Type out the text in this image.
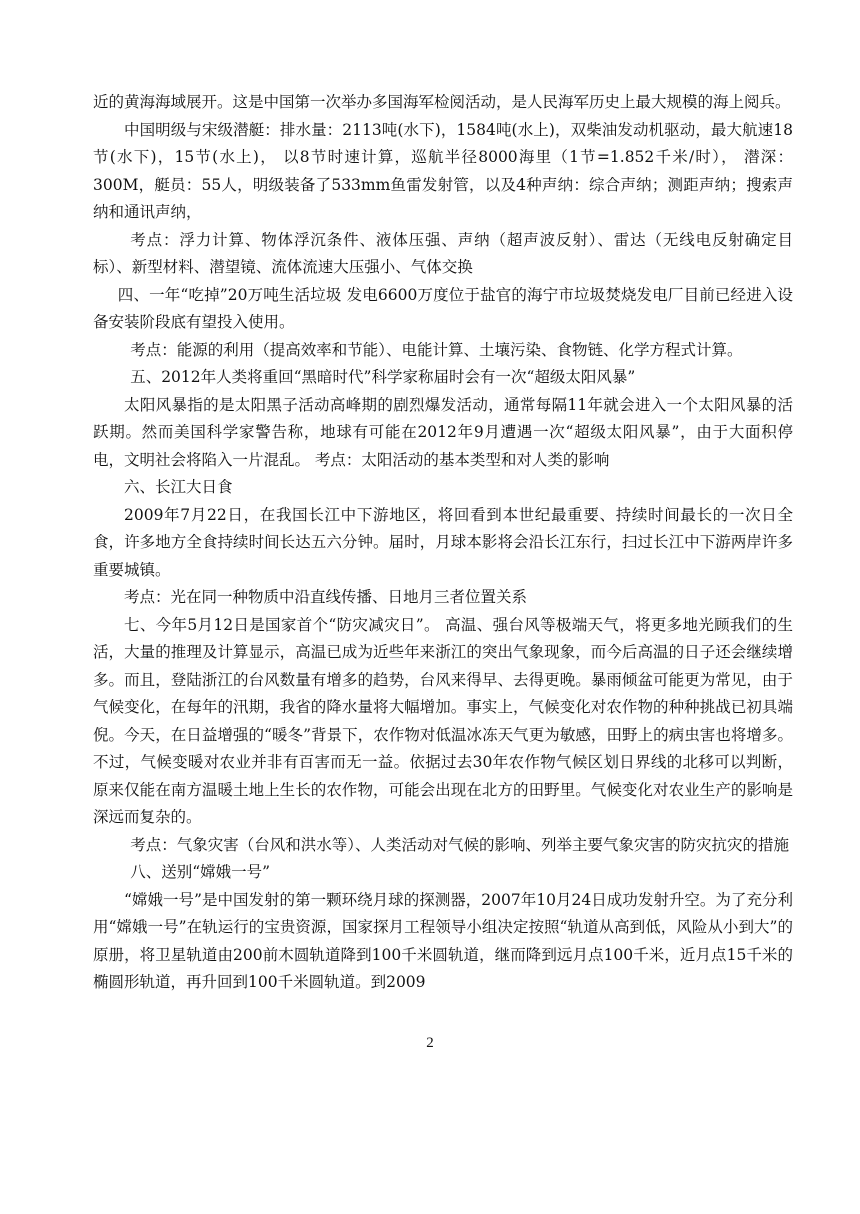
近的黄海海域展开。这是中国第一次举办多国海军检阅活动，是人民海军历史上最大规模的海上阅兵。

中国明级与宋级潜艇：排水量：2113吨(水下)，1584吨(水上)，双柴油发动机驱动，最大航速18节(水下)，15节(水上)， 以8节时速计算，巡航半径8000海里（1节=1.852千米/时）， 潜深：300M，艇员：55人，明级装备了533mm鱼雷发射管，以及4种声纳：综合声纳；测距声纳；搜索声纳和通讯声纳，

考点：浮力计算、物体浮沉条件、液体压强、声纳（超声波反射）、雷达（无线电反射确定目标）、新型材料、潜望镜、流体流速大压强小、气体交换

四、一年“吃掉”20万吨生活垃圾 发电6600万度位于盐官的海宁市垃圾焚烧发电厂目前已经进入设备安装阶段底有望投入使用。

考点：能源的利用（提高效率和节能）、电能计算、土壤污染、食物链、化学方程式计算。

五、2012年人类将重回“黑暗时代”科学家称届时会有一次“超级太阳风暴”

太阳风暴指的是太阳黑子活动高峰期的剧烈爆发活动，通常每隔11年就会进入一个太阳风暴的活跃期。然而美国科学家警告称，地球有可能在2012年9月遭遇一次“超级太阳风暴”，由于大面积停电，文明社会将陷入一片混乱。 考点：太阳活动的基本类型和对人类的影响

六、长江大日食

2009年7月22日，在我国长江中下游地区，将回看到本世纪最重要、持续时间最长的一次日全食，许多地方全食持续时间长达五六分钟。届时，月球本影将会沿长江东行，扫过长江中下游两岸许多重要城镇。

考点：光在同一种物质中沿直线传播、日地月三者位置关系

七、今年5月12日是国家首个“防灾减灾日”。 高温、强台风等极端天气，将更多地光顾我们的生活，大量的推理及计算显示，高温已成为近些年来浙江的突出气象现象，而今后高温的日子还会继续增多。而且，登陆浙江的台风数量有增多的趋势，台风来得早、去得更晚。暴雨倾盆可能更为常见，由于气候变化，在每年的汛期，我省的降水量将大幅增加。事实上，气候变化对农作物的种种挑战已初具端倪。今天，在日益增强的“暖冬”背景下，农作物对低温冰冻天气更为敏感，田野上的病虫害也将增多。不过，气候变暖对农业并非有百害而无一益。依据过去30年农作物气候区划日界线的北移可以判断，原来仅能在南方温暖土地上生长的农作物，可能会出现在北方的田野里。气候变化对农业生产的影响是深远而复杂的。

考点：气象灾害（台风和洪水等）、人类活动对气候的影响、列举主要气象灾害的防灾抗灾的措施

八、送别“嫦娥一号”

“嫦娥一号”是中国发射的第一颗环绕月球的探测器，2007年10月24日成功发射升空。为了充分利用“嫦娥一号”在轨运行的宝贵资源，国家探月工程领导小组决定按照“轨道从高到低，风险从小到大”的原册，将卫星轨道由200前木圆轨道降到100千米圆轨道，继而降到远月点100千米，近月点15千米的椭圆形轨道，再升回到100千米圆轨道。到2009

2
